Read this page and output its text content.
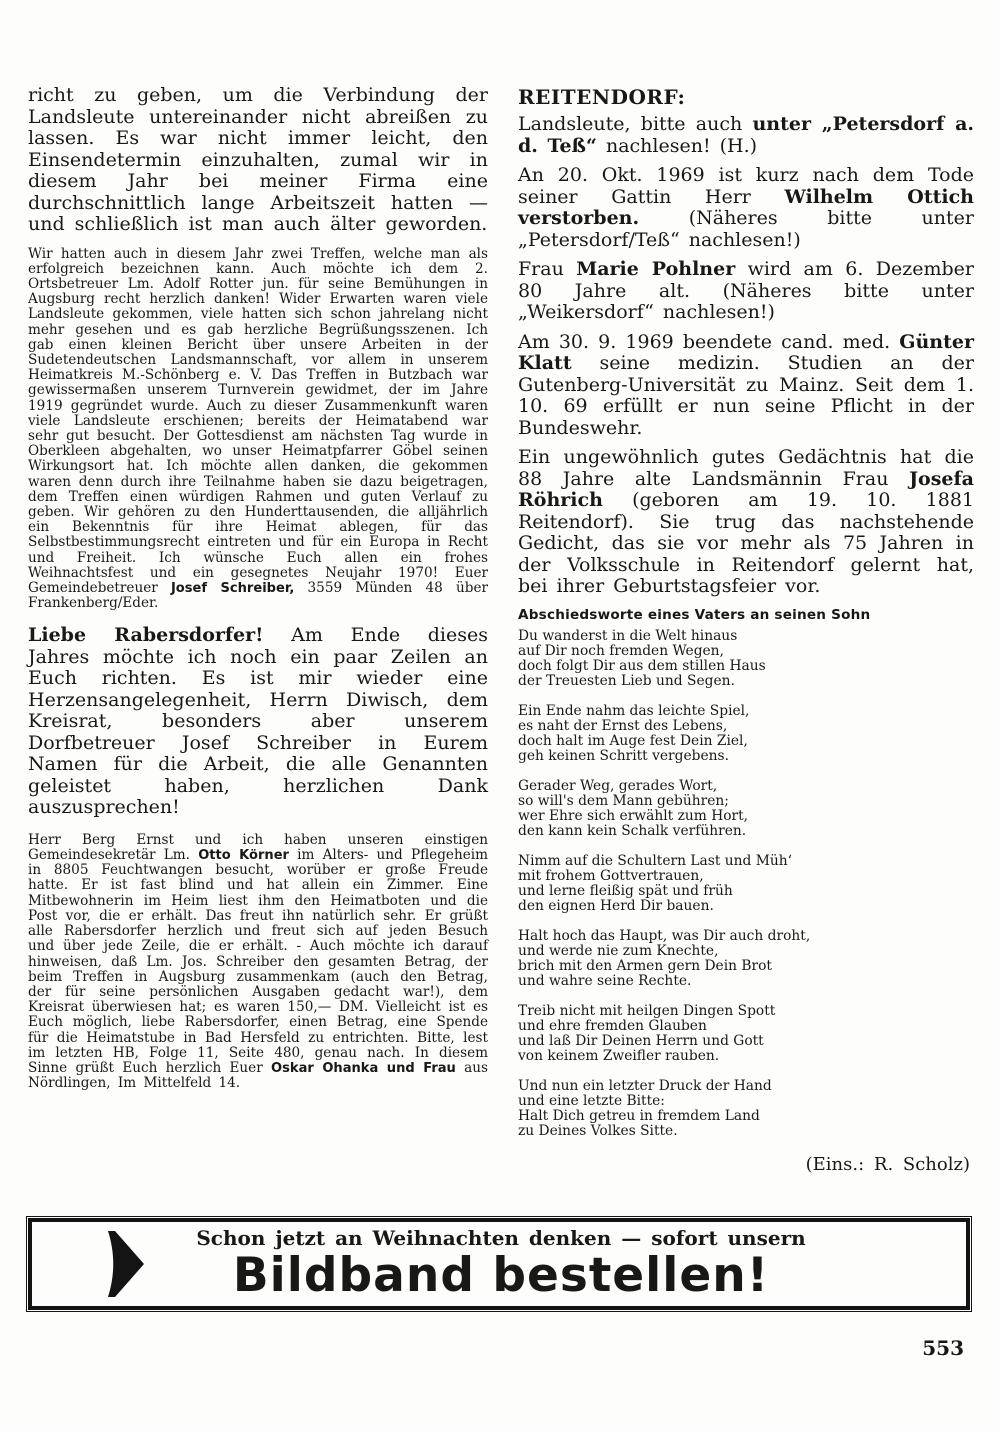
richt zu geben, um die Verbindung der Landsleute untereinander nicht abreißen zu lassen. Es war nicht immer leicht, den Einsendetermin einzuhalten, zumal wir in diesem Jahr bei meiner Firma eine durchschnittlich lange Arbeitszeit hatten — und schließlich ist man auch älter geworden.

Wir hatten auch in diesem Jahr zwei Treffen, welche man als erfolgreich bezeichnen kann. Auch möchte ich dem 2. Ortsbetreuer Lm. Adolf Rotter jun. für seine Bemühungen in Augsburg recht herzlich danken! Wider Erwarten waren viele Landsleute gekommen, viele hatten sich schon jahrelang nicht mehr gesehen und es gab herzliche Begrüßungsszenen. Ich gab einen kleinen Bericht über unsere Arbeiten in der Sudetendeutschen Landsmannschaft, vor allem in unserem Heimatkreis M.-Schönberg e. V. Das Treffen in Butzbach war gewissermaßen unserem Turnverein gewidmet, der im Jahre 1919 gegründet wurde. Auch zu dieser Zusammenkunft waren viele Landsleute erschienen; bereits der Heimatabend war sehr gut besucht. Der Gottesdienst am nächsten Tag wurde in Oberkleen abgehalten, wo unser Heimatpfarrer Göbel seinen Wirkungsort hat. Ich möchte allen danken, die gekommen waren denn durch ihre Teilnahme haben sie dazu beigetragen, dem Treffen einen würdigen Rahmen und guten Verlauf zu geben. Wir gehören zu den Hunderttausenden, die alljährlich ein Bekenntnis für ihre Heimat ablegen, für das Selbstbestimmungsrecht eintreten und für ein Europa in Recht und Freiheit. Ich wünsche Euch allen ein frohes Weihnachtsfest und ein gesegnetes Neujahr 1970! Euer Gemeindebetreuer Josef Schreiber, 3559 Münden 48 über Frankenberg/Eder.

Liebe Rabersdorfer! Am Ende dieses Jahres möchte ich noch ein paar Zeilen an Euch richten. Es ist mir wieder eine Herzensangelegenheit, Herrn Diwisch, dem Kreisrat, besonders aber unserem Dorfbetreuer Josef Schreiber in Eurem Namen für die Arbeit, die alle Genannten geleistet haben, herzlichen Dank auszusprechen!

Herr Berg Ernst und ich haben unseren einstigen Gemeindesekretär Lm. Otto Körner im Alters- und Pflegeheim in 8805 Feuchtwangen besucht, worüber er große Freude hatte. Er ist fast blind und hat allein ein Zimmer. Eine Mitbewohnerin im Heim liest ihm den Heimatboten und die Post vor, die er erhält. Das freut ihn natürlich sehr. Er grüßt alle Rabersdorfer herzlich und freut sich auf jeden Besuch und über jede Zeile, die er erhält. - Auch möchte ich darauf hinweisen, daß Lm. Jos. Schreiber den gesamten Betrag, der beim Treffen in Augsburg zusammenkam (auch den Betrag, der für seine persönlichen Ausgaben gedacht war!), dem Kreisrat überwiesen hat; es waren 150,— DM. Vielleicht ist es Euch möglich, liebe Rabersdorfer, einen Betrag, eine Spende für die Heimatstube in Bad Hersfeld zu entrichten. Bitte, lest im letzten HB, Folge 11, Seite 480, genau nach. In diesem Sinne grüßt Euch herzlich Euer Oskar Ohanka und Frau aus Nördlingen, Im Mittelfeld 14.

REITENDORF:

Landsleute, bitte auch unter „Petersdorf a. d. Teß“ nachlesen! (H.)

An 20. Okt. 1969 ist kurz nach dem Tode seiner Gattin Herr Wilhelm Ottich verstorben. (Näheres bitte unter „Petersdorf/Teß“ nachlesen!)

Frau Marie Pohlner wird am 6. Dezember 80 Jahre alt. (Näheres bitte unter „Weikersdorf“ nachlesen!)

Am 30. 9. 1969 beendete cand. med. Günter Klatt seine medizin. Studien an der Gutenberg-Universität zu Mainz. Seit dem 1. 10. 69 erfüllt er nun seine Pflicht in der Bundeswehr.

Ein ungewöhnlich gutes Gedächtnis hat die 88 Jahre alte Landsmännin Frau Josefa Röhrich (geboren am 19. 10. 1881 Reitendorf). Sie trug das nachstehende Gedicht, das sie vor mehr als 75 Jahren in der Volksschule in Reitendorf gelernt hat, bei ihrer Geburtstagsfeier vor.

Abschiedsworte eines Vaters an seinen Sohn

Du wanderst in die Welt hinaus
auf Dir noch fremden Wegen,
doch folgt Dir aus dem stillen Haus
der Treuesten Lieb und Segen.

Ein Ende nahm das leichte Spiel,
es naht der Ernst des Lebens,
doch halt im Auge fest Dein Ziel,
geh keinen Schritt vergebens.

Gerader Weg, gerades Wort,
so will's dem Mann gebühren;
wer Ehre sich erwählt zum Hort,
den kann kein Schalk verführen.

Nimm auf die Schultern Last und Müh‘
mit frohem Gottvertrauen,
und lerne fleißig spät und früh
den eignen Herd Dir bauen.

Halt hoch das Haupt, was Dir auch droht,
und werde nie zum Knechte,
brich mit den Armen gern Dein Brot
und wahre seine Rechte.

Treib nicht mit heilgen Dingen Spott
und ehre fremden Glauben
und laß Dir Deinen Herrn und Gott
von keinem Zweifler rauben.

Und nun ein letzter Druck der Hand
und eine letzte Bitte:
Halt Dich getreu in fremdem Land
zu Deines Volkes Sitte.

(Eins.: R. Scholz)

Schon jetzt an Weihnachten denken — sofort unsern
Bildband bestellen!
553
